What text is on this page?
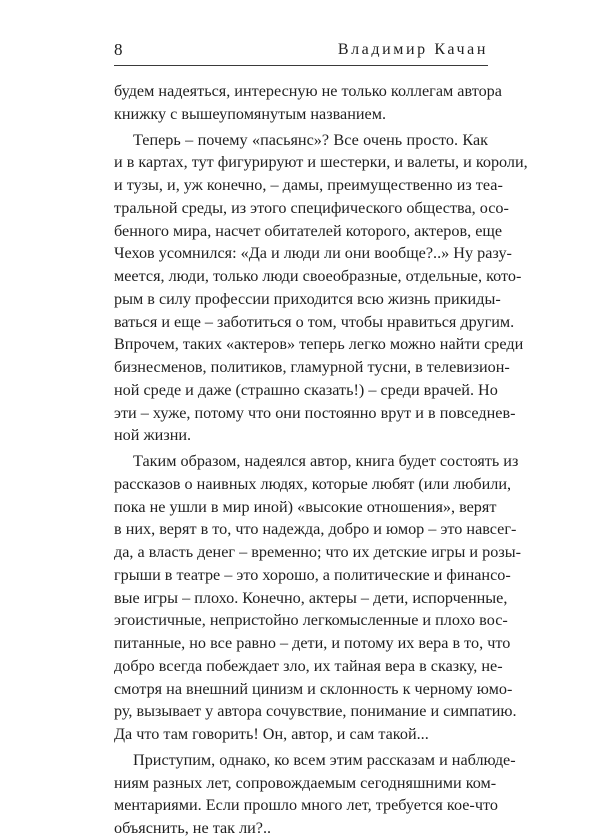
8	Владимир Качан
будем надеяться, интересную не только коллегам автора
книжку с вышеупомянутым названием.
Теперь – почему «пасьянс»? Все очень просто. Как
и в картах, тут фигурируют и шестерки, и валеты, и короли,
и тузы, и, уж конечно, – дамы, преимущественно из теа-
тральной среды, из этого специфического общества, осо-
бенного мира, насчет обитателей которого, актеров, еще
Чехов усомнился: «Да и люди ли они вообще?..» Ну разу-
меется, люди, только люди своеобразные, отдельные, кото-
рым в силу профессии приходится всю жизнь прикиды-
ваться и еще – заботиться о том, чтобы нравиться другим.
Впрочем, таких «актеров» теперь легко можно найти среди
бизнесменов, политиков, гламурной тусни, в телевизион-
ной среде и даже (страшно сказать!) – среди врачей. Но
эти – хуже, потому что они постоянно врут и в повседнев-
ной жизни.
Таким образом, надеялся автор, книга будет состоять из
рассказов о наивных людях, которые любят (или любили,
пока не ушли в мир иной) «высокие отношения», верят
в них, верят в то, что надежда, добро и юмор – это навсег-
да, а власть денег – временно; что их детские игры и розы-
грыши в театре – это хорошо, а политические и финансо-
вые игры – плохо. Конечно, актеры – дети, испорченные,
эгоистичные, непристойно легкомысленные и плохо вос-
питанные, но все равно – дети, и потому их вера в то, что
добро всегда побеждает зло, их тайная вера в сказку, не-
смотря на внешний цинизм и склонность к черному юмо-
ру, вызывает у автора сочувствие, понимание и симпатию.
Да что там говорить! Он, автор, и сам такой...
Приступим, однако, ко всем этим рассказам и наблюде-
ниям разных лет, сопровождаемым сегодняшними ком-
ментариями. Если прошло много лет, требуется кое-что
объяснить, не так ли?..
